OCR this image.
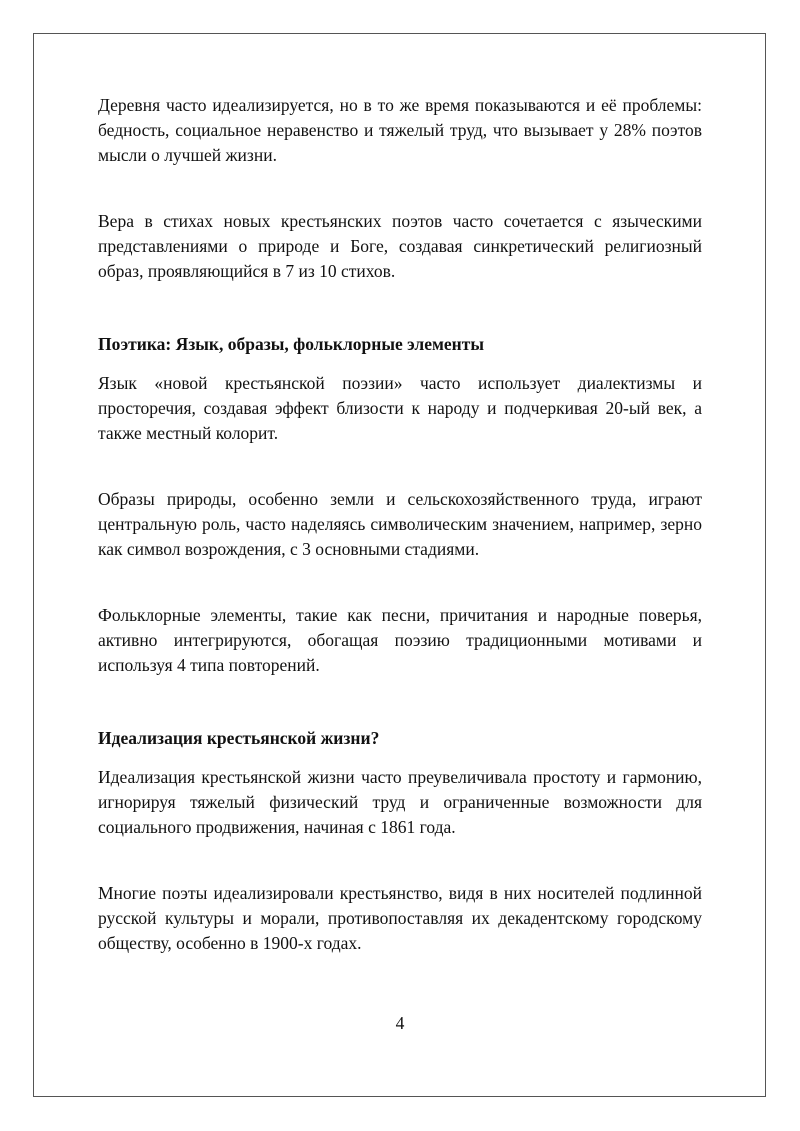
Деревня часто идеализируется, но в то же время показываются и её проблемы: бедность, социальное неравенство и тяжелый труд, что вызывает у 28% поэтов мысли о лучшей жизни.

Вера в стихах новых крестьянских поэтов часто сочетается с языческими представлениями о природе и Боге, создавая синкретический религиозный образ, проявляющийся в 7 из 10 стихов.

Поэтика: Язык, образы, фольклорные элементы

Язык «новой крестьянской поэзии» часто использует диалектизмы и просторечия, создавая эффект близости к народу и подчеркивая 20-ый век, а также местный колорит.

Образы природы, особенно земли и сельскохозяйственного труда, играют центральную роль, часто наделяясь символическим значением, например, зерно как символ возрождения, с 3 основными стадиями.

Фольклорные элементы, такие как песни, причитания и народные поверья, активно интегрируются, обогащая поэзию традиционными мотивами и используя 4 типа повторений.

Идеализация крестьянской жизни?

Идеализация крестьянской жизни часто преувеличивала простоту и гармонию, игнорируя тяжелый физический труд и ограниченные возможности для социального продвижения, начиная с 1861 года.

Многие поэты идеализировали крестьянство, видя в них носителей подлинной русской культуры и морали, противопоставляя их декадентскому городскому обществу, особенно в 1900-х годах.

4
